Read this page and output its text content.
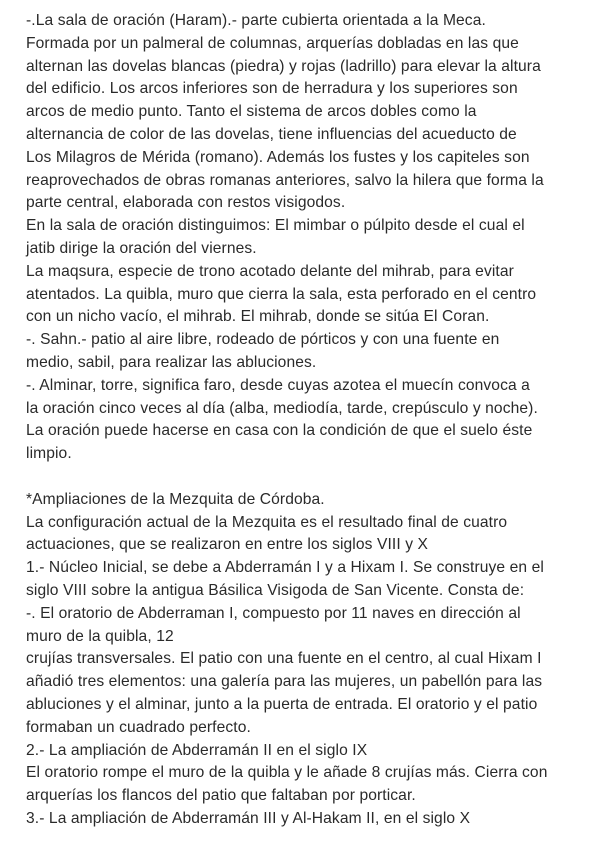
-.La sala de oración (Haram).- parte cubierta orientada a la Meca.
Formada por un palmeral de columnas, arquerías dobladas en las que
alternan las dovelas blancas (piedra) y rojas (ladrillo) para elevar la altura
del edificio. Los arcos inferiores son de herradura y los superiores son
arcos de medio punto. Tanto el sistema de arcos dobles como la
alternancia de color de las dovelas, tiene influencias del acueducto de
Los Milagros de Mérida (romano). Además los fustes y los capiteles son
reaprovechados de obras romanas anteriores, salvo la hilera que forma la
parte central, elaborada con restos visigodos.
En la sala de oración distinguimos: El mimbar o púlpito desde el cual el
jatib dirige la oración del viernes.
La maqsura, especie de trono acotado delante del mihrab, para evitar
atentados. La quibla, muro que cierra la sala, esta perforado en el centro
con un nicho vacío, el mihrab. El mihrab, donde se sitúa El Coran.
-. Sahn.- patio al aire libre, rodeado de pórticos y con una fuente en
medio, sabil, para realizar las abluciones.
-. Alminar, torre, significa faro, desde cuyas azotea el muecín convoca a
la oración cinco veces al día (alba, mediodía, tarde, crepúsculo y noche).
La oración puede hacerse en casa con la condición de que el suelo éste
limpio.
*Ampliaciones de la Mezquita de Córdoba.
La configuración actual de la Mezquita es el resultado final de cuatro
actuaciones, que se realizaron en entre los siglos VIII y X
1.- Núcleo Inicial, se debe a Abderramán I y a Hixam I. Se construye en el
siglo VIII sobre la antigua Básilica Visigoda de San Vicente. Consta de:
-. El oratorio de Abderraman I, compuesto por 11 naves en dirección al
muro de la quibla, 12
crujías transversales. El patio con una fuente en el centro, al cual Hixam I
añadió tres elementos: una galería para las mujeres, un pabellón para las
abluciones y el alminar, junto a la puerta de entrada. El oratorio y el patio
formaban un cuadrado perfecto.
2.- La ampliación de Abderramán II en el siglo IX
El oratorio rompe el muro de la quibla y le añade 8 crujías más. Cierra con
arquerías los flancos del patio que faltaban por porticar.
3.- La ampliación de Abderramán III y Al-Hakam II, en el siglo X
